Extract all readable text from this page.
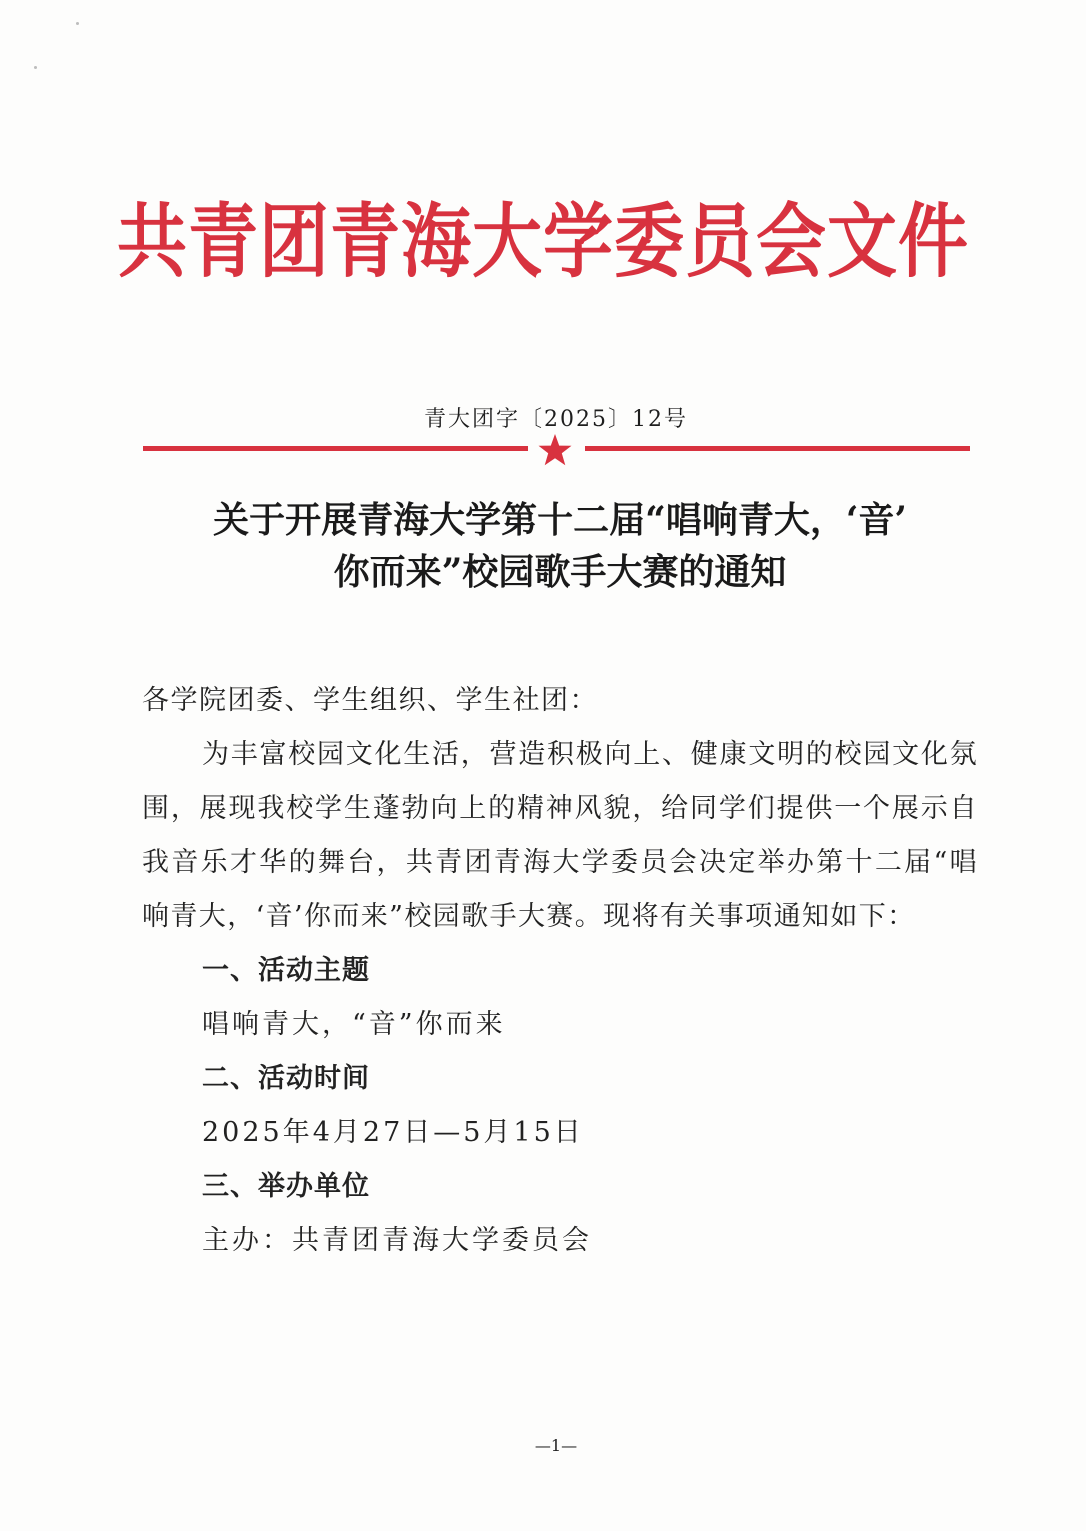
共青团青海大学委员会文件
青大团字〔2025〕12号
关于开展青海大学第十二届“唱响青大，‘音’
你而来”校园歌手大赛的通知

各学院团委、学生组织、学生社团：

为丰富校园文化生活，营造积极向上、健康文明的校园文化氛围，展现我校学生蓬勃向上的精神风貌，给同学们提供一个展示自我音乐才华的舞台，共青团青海大学委员会决定举办第十二届“唱响青大，‘音’你而来”校园歌手大赛。现将有关事项通知如下：

一、活动主题

唱响青大，“音”你而来

二、活动时间

2025年4月27日—5月15日

三、举办单位

主办：共青团青海大学委员会

—1—
